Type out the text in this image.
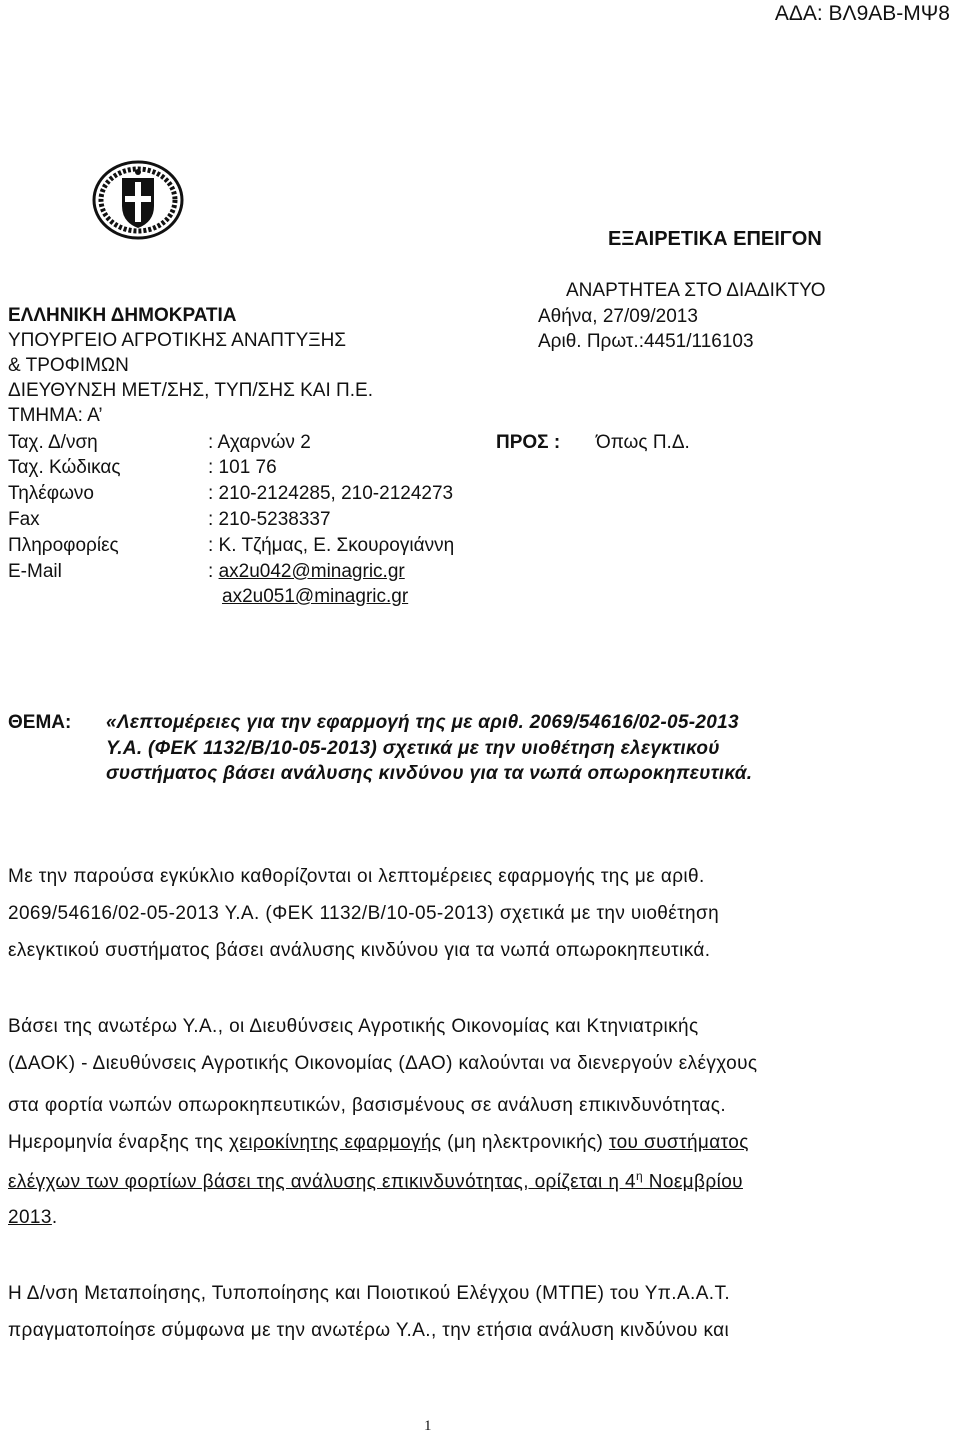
ΑΔΑ: ΒΛ9ΑΒ-ΜΨ8
ΕΞΑΙΡΕΤΙΚΑ ΕΠΕΙΓΟΝ
ΑΝΑΡΤΗΤΕΑ ΣΤΟ ΔΙΑΔΙΚΤΥΟ
ΕΛΛΗΝΙΚΗ ΔΗΜΟΚΡΑΤΙΑ
ΥΠΟΥΡΓΕΙΟ ΑΓΡΟΤΙΚΗΣ ΑΝΑΠΤΥΞΗΣ
& ΤΡΟΦΙΜΩΝ
ΔΙΕΥΘΥΝΣΗ ΜΕΤ/ΣΗΣ, ΤΥΠ/ΣΗΣ ΚΑΙ Π.Ε.
ΤΜΗΜΑ: Α’
Αθήνα, 27/09/2013
Αριθ. Πρωτ.:4451/116103
Ταχ. Δ/νση	: Αχαρνών 2
Ταχ. Κώδικας	: 101 76
Τηλέφωνο	: 210-2124285, 210-2124273
Fax	: 210-5238337
Πληροφορίες	: Κ. Τζήμας, Ε. Σκουρογιάννη
E-Mail	: ax2u042@minagric.gr
ax2u051@minagric.gr
ΠΡΟΣ : Όπως Π.Δ.
ΘΕΜΑ: «Λεπτομέρειες για την εφαρμογή της με αριθ. 2069/54616/02-05-2013
Υ.Α. (ΦΕΚ 1132/Β/10-05-2013) σχετικά με την υιοθέτηση ελεγκτικού
συστήματος βάσει ανάλυσης κινδύνου για τα νωπά οπωροκηπευτικά.
Με την παρούσα εγκύκλιο καθορίζονται οι λεπτομέρειες εφαρμογής της με αριθ.
2069/54616/02-05-2013 Υ.Α. (ΦΕΚ 1132/Β/10-05-2013) σχετικά με την υιοθέτηση
ελεγκτικού συστήματος βάσει ανάλυσης κινδύνου για τα νωπά οπωροκηπευτικά.
Βάσει της ανωτέρω Υ.Α., οι Διευθύνσεις Αγροτικής Οικονομίας και Κτηνιατρικής
(ΔΑΟΚ) - Διευθύνσεις Αγροτικής Οικονομίας (ΔΑΟ) καλούνται να διενεργούν ελέγχους
στα φορτία νωπών οπωροκηπευτικών, βασισμένους σε ανάλυση επικινδυνότητας.
Ημερομηνία έναρξης της χειροκίνητης εφαρμογής (μη ηλεκτρονικής) του συστήματος
ελέγχων των φορτίων βάσει της ανάλυσης επικινδυνότητας, ορίζεται η $4^\eta$ Νοεμβρίου
2013.
Η Δ/νση Μεταποίησης, Τυποποίησης και Ποιοτικού Ελέγχου (ΜΤΠΕ) του Υπ.Α.Α.Τ.
πραγματοποίησε σύμφωνα με την ανωτέρω Υ.Α., την ετήσια ανάλυση κινδύνου και
1
